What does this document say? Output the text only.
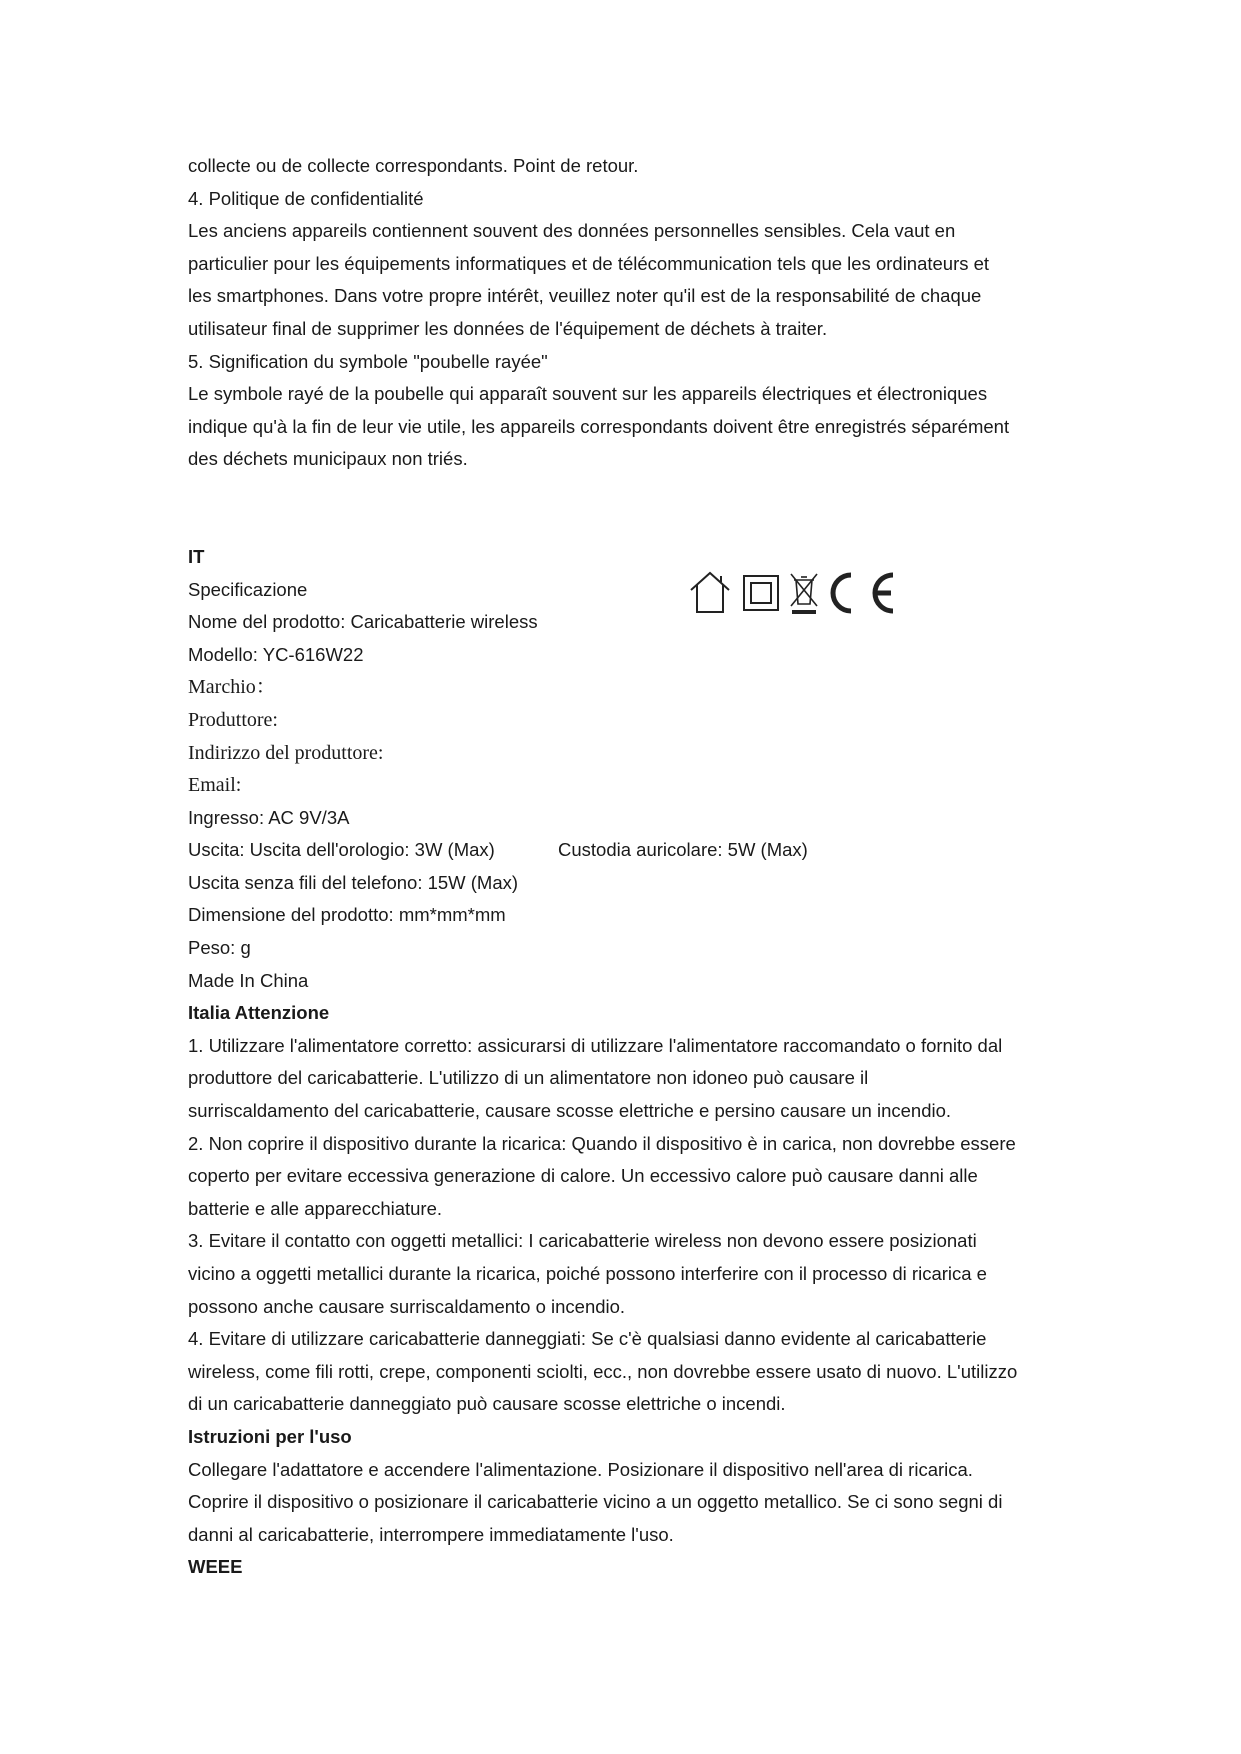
collecte ou de collecte correspondants. Point de retour.
4. Politique de confidentialité
Les anciens appareils contiennent souvent des données personnelles sensibles. Cela vaut en
particulier pour les équipements informatiques et de télécommunication tels que les ordinateurs et
les smartphones. Dans votre propre intérêt, veuillez noter qu'il est de la responsabilité de chaque
utilisateur final de supprimer les données de l'équipement de déchets à traiter.
5. Signification du symbole "poubelle rayée"
Le symbole rayé de la poubelle qui apparaît souvent sur les appareils électriques et électroniques
indique qu'à la fin de leur vie utile, les appareils correspondants doivent être enregistrés séparément
des déchets municipaux non triés.
IT
Specificazione
Nome del prodotto: Caricabatterie wireless
Modello: YC-616W22
Marchio：
Produttore:
Indirizzo del produttore:
Email:
Ingresso: AC 9V/3A
Uscita: Uscita dell'orologio: 3W (Max)	Custodia auricolare: 5W (Max)
Uscita senza fili del telefono: 15W (Max)
Dimensione del prodotto: mm*mm*mm
Peso: g
Made In China
Italia Attenzione
1. Utilizzare l'alimentatore corretto: assicurarsi di utilizzare l'alimentatore raccomandato o fornito dal
produttore del caricabatterie. L'utilizzo di un alimentatore non idoneo può causare il
surriscaldamento del caricabatterie, causare scosse elettriche e persino causare un incendio.
2. Non coprire il dispositivo durante la ricarica: Quando il dispositivo è in carica, non dovrebbe essere
coperto per evitare eccessiva generazione di calore. Un eccessivo calore può causare danni alle
batterie e alle apparecchiature.
3. Evitare il contatto con oggetti metallici: I caricabatterie wireless non devono essere posizionati
vicino a oggetti metallici durante la ricarica, poiché possono interferire con il processo di ricarica e
possono anche causare surriscaldamento o incendio.
4. Evitare di utilizzare caricabatterie danneggiati: Se c'è qualsiasi danno evidente al caricabatterie
wireless, come fili rotti, crepe, componenti sciolti, ecc., non dovrebbe essere usato di nuovo. L'utilizzo
di un caricabatterie danneggiato può causare scosse elettriche o incendi.
Istruzioni per l'uso
Collegare l'adattatore e accendere l'alimentazione. Posizionare il dispositivo nell'area di ricarica.
Coprire il dispositivo o posizionare il caricabatterie vicino a un oggetto metallico. Se ci sono segni di
danni al caricabatterie, interrompere immediatamente l'uso.
WEEE
